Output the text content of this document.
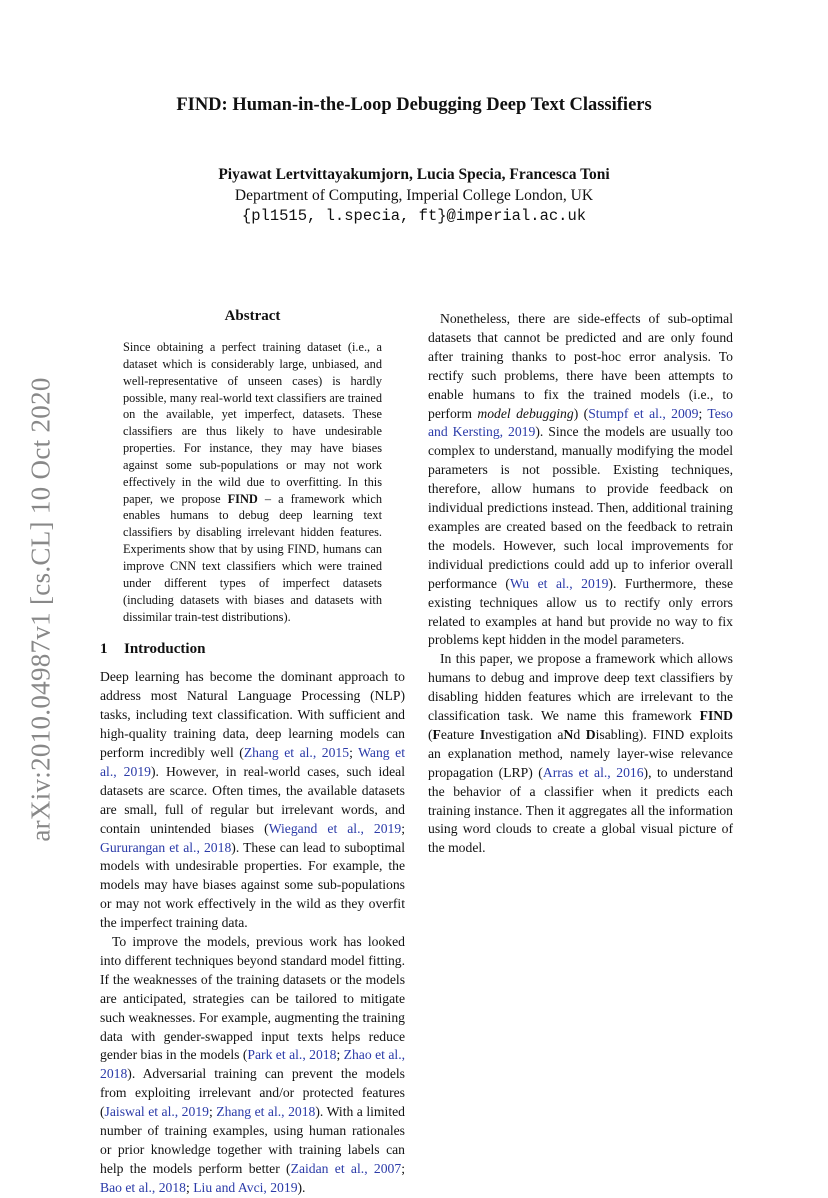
arXiv:2010.04987v1 [cs.CL] 10 Oct 2020
FIND: Human-in-the-Loop Debugging Deep Text Classifiers
Piyawat Lertvittayakumjorn, Lucia Specia, Francesca Toni
Department of Computing, Imperial College London, UK
{pl1515, l.specia, ft}@imperial.ac.uk
Abstract

Since obtaining a perfect training dataset (i.e., a dataset which is considerably large, unbiased, and well-representative of unseen cases) is hardly possible, many real-world text classifiers are trained on the available, yet imperfect, datasets. These classifiers are thus likely to have undesirable properties. For instance, they may have biases against some sub-populations or may not work effectively in the wild due to overfitting. In this paper, we propose FIND – a framework which enables humans to debug deep learning text classifiers by disabling irrelevant hidden features. Experiments show that by using FIND, humans can improve CNN text classifiers which were trained under different types of imperfect datasets (including datasets with biases and datasets with dissimilar train-test distributions).

1 Introduction

Deep learning has become the dominant approach to address most Natural Language Processing (NLP) tasks, including text classification. With sufficient and high-quality training data, deep learning models can perform incredibly well (Zhang et al., 2015; Wang et al., 2019). However, in real-world cases, such ideal datasets are scarce. Often times, the available datasets are small, full of regular but irrelevant words, and contain unintended biases (Wiegand et al., 2019; Gururangan et al., 2018). These can lead to suboptimal models with undesirable properties. For example, the models may have biases against some sub-populations or may not work effectively in the wild as they overfit the imperfect training data.

To improve the models, previous work has looked into different techniques beyond standard model fitting. If the weaknesses of the training datasets or the models are anticipated, strategies can be tailored to mitigate such weaknesses. For example, augmenting the training data with gender-swapped input texts helps reduce gender bias in the models (Park et al., 2018; Zhao et al., 2018). Adversarial training can prevent the models from exploiting irrelevant and/or protected features (Jaiswal et al., 2019; Zhang et al., 2018). With a limited number of training examples, using human rationales or prior knowledge together with training labels can help the models perform better (Zaidan et al., 2007; Bao et al., 2018; Liu and Avci, 2019).

Nonetheless, there are side-effects of sub-optimal datasets that cannot be predicted and are only found after training thanks to post-hoc error analysis. To rectify such problems, there have been attempts to enable humans to fix the trained models (i.e., to perform model debugging) (Stumpf et al., 2009; Teso and Kersting, 2019). Since the models are usually too complex to understand, manually modifying the model parameters is not possible. Existing techniques, therefore, allow humans to provide feedback on individual predictions instead. Then, additional training examples are created based on the feedback to retrain the models. However, such local improvements for individual predictions could add up to inferior overall performance (Wu et al., 2019). Furthermore, these existing techniques allow us to rectify only errors related to examples at hand but provide no way to fix problems kept hidden in the model parameters.

In this paper, we propose a framework which allows humans to debug and improve deep text classifiers by disabling hidden features which are irrelevant to the classification task. We name this framework FIND (Feature Investigation aNd Disabling). FIND exploits an explanation method, namely layer-wise relevance propagation (LRP) (Arras et al., 2016), to understand the behavior of a classifier when it predicts each training instance. Then it aggregates all the information using word clouds to create a global visual picture of the model.
